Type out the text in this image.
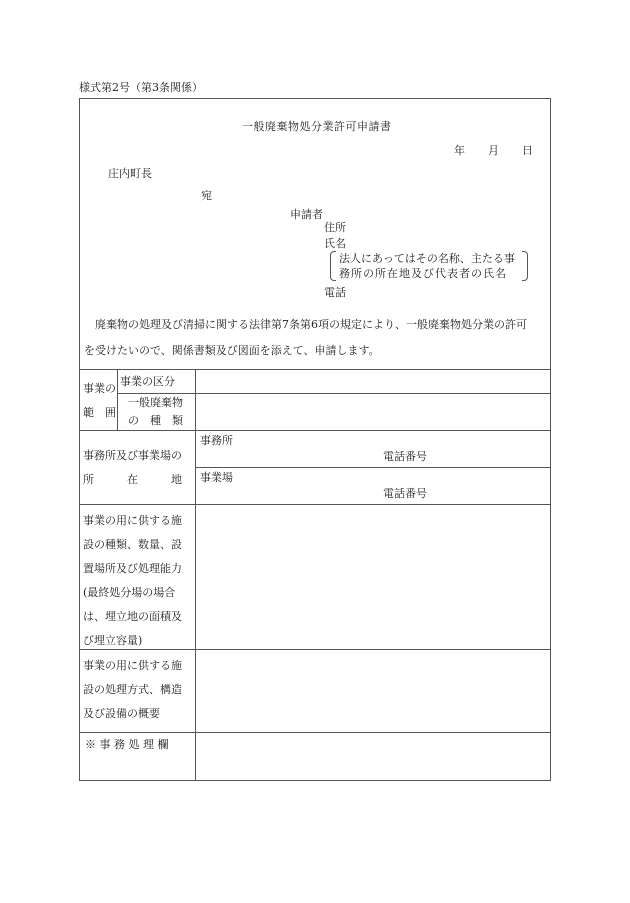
様式第2号（第3条関係）
一般廃棄物処分業許可申請書
年 月 日
庄内町長
宛
申請者
住所
氏名
法人にあってはその名称、主たる事
務所の所在地及び代表者の氏名
電話
廃棄物の処理及び清掃に関する法律第7条第6項の規定により、一般廃棄物処分業の許可
を受けたいので、関係書類及び図面を添えて、申請します。
事業の
範　囲
事業の区分
一般廃棄物
の　種　類
事務所及び事業場の
所　　　在　　　地
事務所
電話番号
事業場
電話番号
事業の用に供する施
設の種類、数量、設
置場所及び処理能力
(最終処分場の場合
は、埋立地の面積及
び埋立容量)
事業の用に供する施
設の処理方式、構造
及び設備の概要
※ 事 務 処 理 欄
